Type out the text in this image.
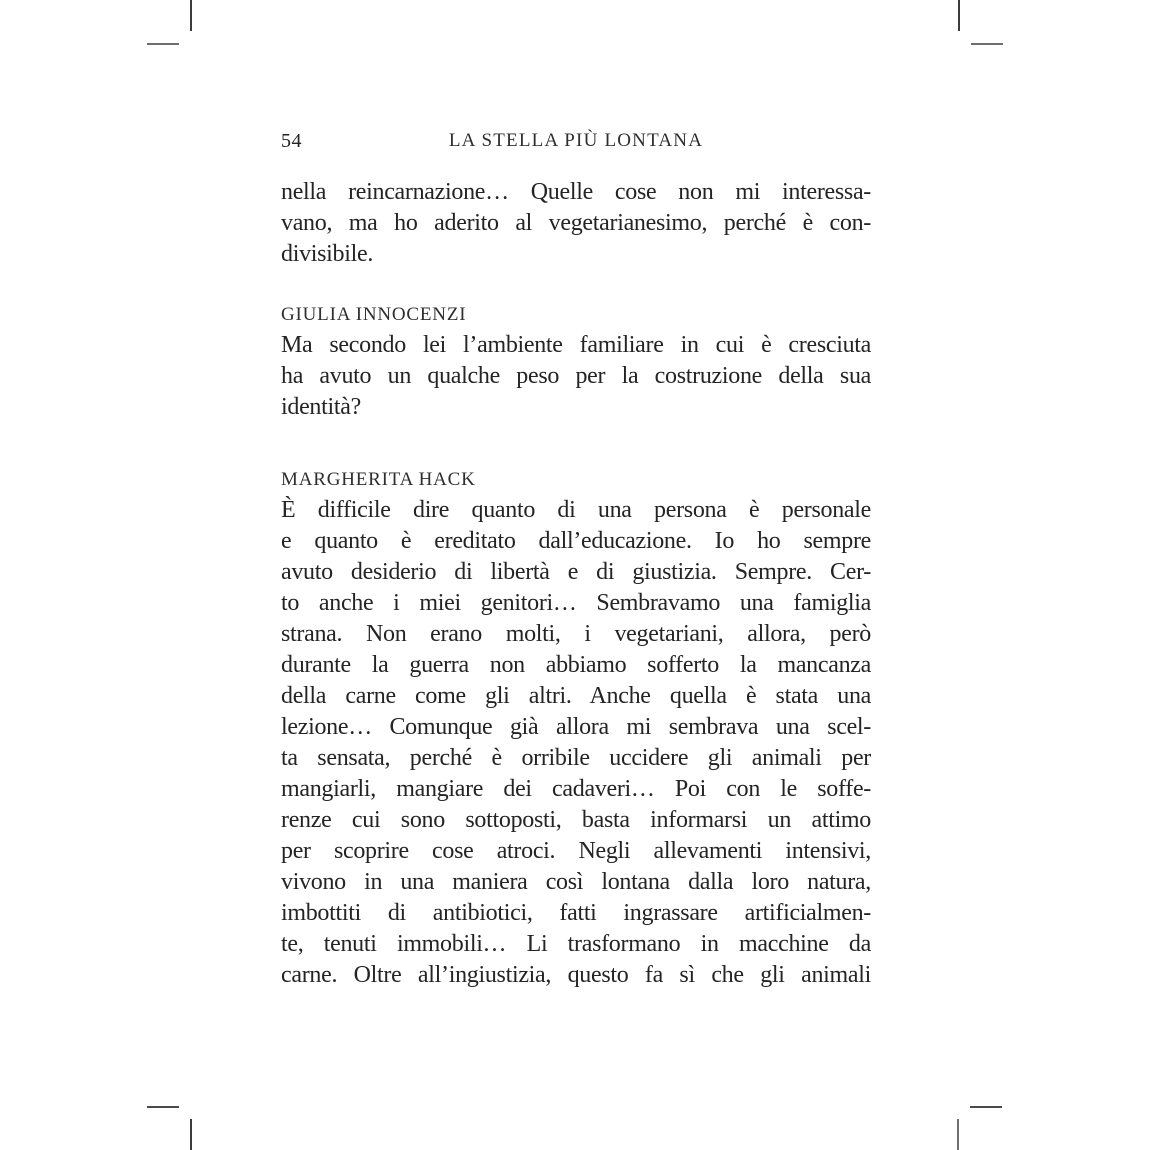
54	LA STELLA PIÙ LONTANA
nella reincarnazione… Quelle cose non mi interessa-
vano, ma ho aderito al vegetarianesimo, perché è con-
divisibile.
GIULIA INNOCENZI
Ma secondo lei l’ambiente familiare in cui è cresciuta
ha avuto un qualche peso per la costruzione della sua
identità?
MARGHERITA HACK
È difficile dire quanto di una persona è personale
e quanto è ereditato dall’educazione. Io ho sempre
avuto desiderio di libertà e di giustizia. Sempre. Cer-
to anche i miei genitori… Sembravamo una famiglia
strana. Non erano molti, i vegetariani, allora, però
durante la guerra non abbiamo sofferto la mancanza
della carne come gli altri. Anche quella è stata una
lezione… Comunque già allora mi sembrava una scel-
ta sensata, perché è orribile uccidere gli animali per
mangiarli, mangiare dei cadaveri… Poi con le soffe-
renze cui sono sottoposti, basta informarsi un attimo
per scoprire cose atroci. Negli allevamenti intensivi,
vivono in una maniera così lontana dalla loro natura,
imbottiti di antibiotici, fatti ingrassare artificialmen-
te, tenuti immobili… Li trasformano in macchine da
carne. Oltre all’ingiustizia, questo fa sì che gli animali
